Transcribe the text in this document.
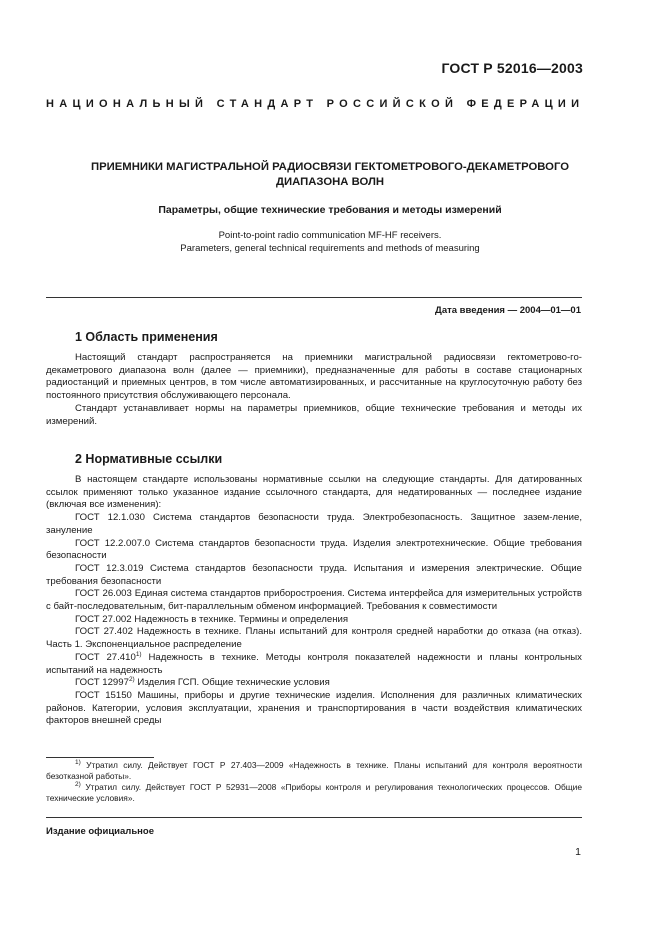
ГОСТ Р 52016—2003
НАЦИОНАЛЬНЫЙ СТАНДАРТ РОССИЙСКОЙ ФЕДЕРАЦИИ
ПРИЕМНИКИ МАГИСТРАЛЬНОЙ РАДИОСВЯЗИ ГЕКТОМЕТРОВОГО-ДЕКАМЕТРОВОГО ДИАПАЗОНА ВОЛН
Параметры, общие технические требования и методы измерений
Point-to-point radio communication MF-HF receivers.
Parameters, general technical requirements and methods of measuring
Дата введения — 2004—01—01
1 Область применения

Настоящий стандарт распространяется на приемники магистральной радиосвязи гектометрово-го-декаметрового диапазона волн (далее — приемники), предназначенные для работы в составе стационарных радиостанций и приемных центров, в том числе автоматизированных, и рассчитанные на круглосуточную работу без постоянного присутствия обслуживающего персонала.

Стандарт устанавливает нормы на параметры приемников, общие технические требования и методы их измерений.

2 Нормативные ссылки

В настоящем стандарте использованы нормативные ссылки на следующие стандарты. Для датированных ссылок применяют только указанное издание ссылочного стандарта, для недатированных — последнее издание (включая все изменения):

ГОСТ 12.1.030 Система стандартов безопасности труда. Электробезопасность. Защитное зазем-ление, зануление

ГОСТ 12.2.007.0 Система стандартов безопасности труда. Изделия электротехнические. Общие требования безопасности

ГОСТ 12.3.019 Система стандартов безопасности труда. Испытания и измерения электрические. Общие требования безопасности

ГОСТ 26.003 Единая система стандартов приборостроения. Система интерфейса для измерительных устройств с байт-последовательным, бит-параллельным обменом информацией. Требования к совместимости

ГОСТ 27.002 Надежность в технике. Термины и определения

ГОСТ 27.402 Надежность в технике. Планы испытаний для контроля средней наработки до отказа (на отказ). Часть 1. Экспоненциальное распределение

ГОСТ 27.410$^{1)}$ Надежность в технике. Методы контроля показателей надежности и планы контрольных испытаний на надежность

ГОСТ 12997$^{2)}$ Изделия ГСП. Общие технические условия

ГОСТ 15150 Машины, приборы и другие технические изделия. Исполнения для различных климатических районов. Категории, условия эксплуатации, хранения и транспортирования в части воздействия климатических факторов внешней среды

$^{1)}$ Утратил силу. Действует ГОСТ Р 27.403—2009 «Надежность в технике. Планы испытаний для контроля вероятности безотказной работы».

$^{2)}$ Утратил силу. Действует ГОСТ Р 52931—2008 «Приборы контроля и регулирования технологических процессов. Общие технические условия».

Издание официальное
1
